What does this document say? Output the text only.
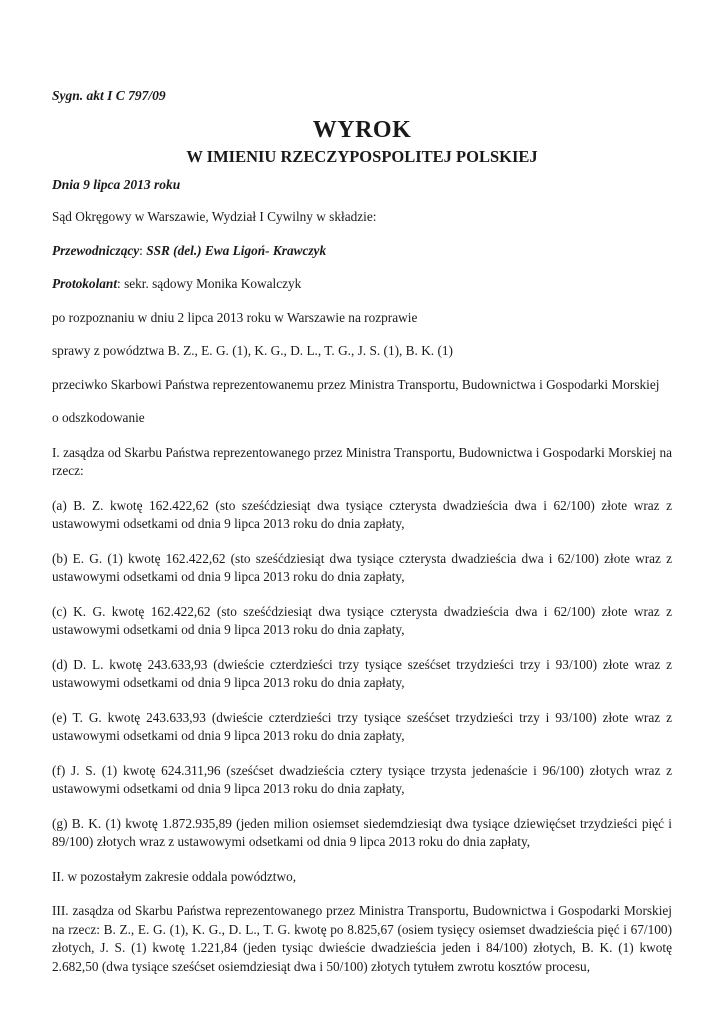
Sygn. akt I C 797/09

WYROK
W IMIENIU RZECZYPOSPOLITEJ POLSKIEJ

Dnia 9 lipca 2013 roku

Sąd Okręgowy w Warszawie, Wydział I Cywilny w składzie:

Przewodniczący: SSR (del.) Ewa Ligoń- Krawczyk

Protokolant: sekr. sądowy Monika Kowalczyk

po rozpoznaniu w dniu 2 lipca 2013 roku w Warszawie na rozprawie

sprawy z powództwa B. Z., E. G. (1), K. G., D. L., T. G., J. S. (1), B. K. (1)

przeciwko Skarbowi Państwa reprezentowanemu przez Ministra Transportu, Budownictwa i Gospodarki Morskiej

o odszkodowanie

I. zasądza od Skarbu Państwa reprezentowanego przez Ministra Transportu, Budownictwa i Gospodarki Morskiej na rzecz:

(a) B. Z. kwotę 162.422,62 (sto sześćdziesiąt dwa tysiące czterysta dwadzieścia dwa i 62/100) złote wraz z ustawowymi odsetkami od dnia 9 lipca 2013 roku do dnia zapłaty,

(b) E. G. (1) kwotę 162.422,62 (sto sześćdziesiąt dwa tysiące czterysta dwadzieścia dwa i 62/100) złote wraz z ustawowymi odsetkami od dnia 9 lipca 2013 roku do dnia zapłaty,

(c) K. G. kwotę 162.422,62 (sto sześćdziesiąt dwa tysiące czterysta dwadzieścia dwa i 62/100) złote wraz z ustawowymi odsetkami od dnia 9 lipca 2013 roku do dnia zapłaty,

(d) D. L. kwotę 243.633,93 (dwieście czterdzieści trzy tysiące sześćset trzydzieści trzy i 93/100) złote wraz z ustawowymi odsetkami od dnia 9 lipca 2013 roku do dnia zapłaty,

(e) T. G. kwotę 243.633,93 (dwieście czterdzieści trzy tysiące sześćset trzydzieści trzy i 93/100) złote wraz z ustawowymi odsetkami od dnia 9 lipca 2013 roku do dnia zapłaty,

(f) J. S. (1) kwotę 624.311,96 (sześćset dwadzieścia cztery tysiące trzysta jedenaście i 96/100) złotych wraz z ustawowymi odsetkami od dnia 9 lipca 2013 roku do dnia zapłaty,

(g) B. K. (1) kwotę 1.872.935,89 (jeden milion osiemset siedemdziesiąt dwa tysiące dziewięćset trzydzieści pięć i 89/100) złotych wraz z ustawowymi odsetkami od dnia 9 lipca 2013 roku do dnia zapłaty,

II. w pozostałym zakresie oddala powództwo,

III. zasądza od Skarbu Państwa reprezentowanego przez Ministra Transportu, Budownictwa i Gospodarki Morskiej na rzecz: B. Z., E. G. (1), K. G., D. L., T. G. kwotę po 8.825,67 (osiem tysięcy osiemset dwadzieścia pięć i 67/100) złotych, J. S. (1) kwotę 1.221,84 (jeden tysiąc dwieście dwadzieścia jeden i 84/100) złotych, B. K. (1) kwotę 2.682,50 (dwa tysiące sześćset osiemdziesiąt dwa i 50/100) złotych tytułem zwrotu kosztów procesu,
